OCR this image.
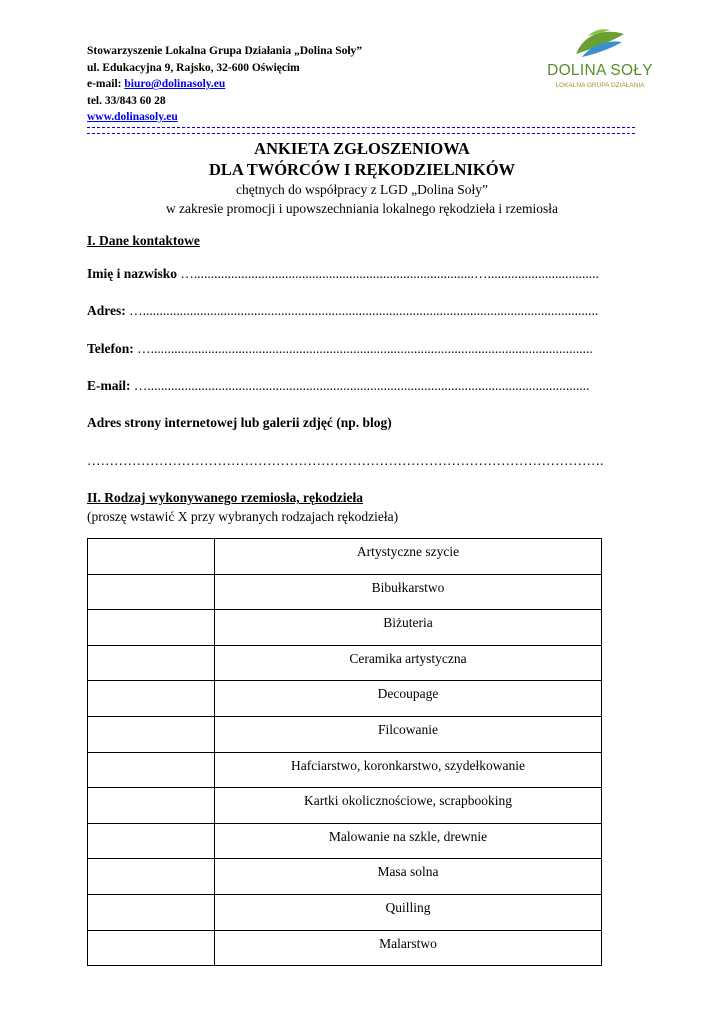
Stowarzyszenie Lokalna Grupa Działania „Dolina Soły”
ul. Edukacyjna 9, Rajsko, 32-600 Oświęcim
e-mail: biuro@dolinasoly.eu
tel. 33/843 60 28
www.dolinasoly.eu
DOLINA SOŁY
LOKALNA GRUPA DZIAŁANIA
ANKIETA ZGŁOSZENIOWA
DLA TWÓRCÓW I RĘKODZIELNIKÓW
chętnych do współpracy z LGD „Dolina Soły”
w zakresie promocji i upowszechniania lokalnego rękodzieła i rzemiosła
I. Dane kontaktowe
Imię i nazwisko …...................................................................................….................................
Adres: ….......................................................................................................................................
Telefon: …...................................................................................................................................
E-mail: …...................................................................................................................................
Adres strony internetowej lub galerii zdjęć (np. blog)
…………………………………………………………………………………………………….
II. Rodzaj wykonywanego rzemiosła, rękodzieła
(proszę wstawić X przy wybranych rodzajach rękodzieła)
	Artystyczne szycie
	Bibułkarstwo
	Biżuteria
	Ceramika artystyczna
	Decoupage
	Filcowanie
	Hafciarstwo, koronkarstwo, szydełkowanie
	Kartki okolicznościowe, scrapbooking
	Malowanie na szkle, drewnie
	Masa solna
	Quilling
	Malarstwo
